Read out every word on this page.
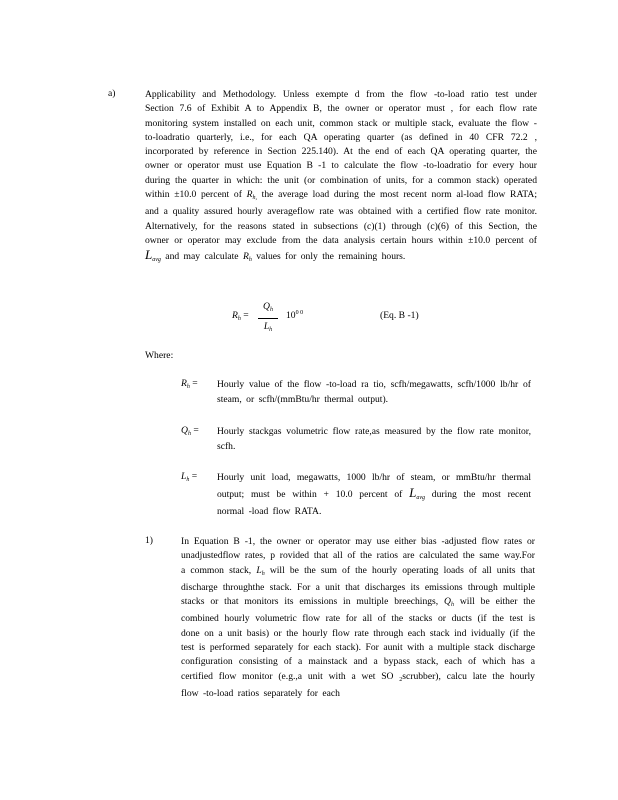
a)	Applicability and Methodology. Unless exempte d from the flow -to-load ratio test under Section 7.6 of Exhibit A to Appendix B, the owner or operator must , for each flow rate monitoring system installed on each unit, common stack or multiple stack, evaluate the flow -to-loadratio quarterly, i.e., for each QA operating quarter (as defined in 40 CFR 72.2 , incorporated by reference in Section 225.140). At the end of each QA operating quarter, the owner or operator must use Equation B -1 to calculate the flow -to-loadratio for every hour during the quarter in which: the unit (or combination of units, for a common stack) operated within ±10.0 percent of $R_{h,}$ the average load during the most recent norm al-load flow RATA; and a quality assured hourly averageflow rate was obtained with a certified flow rate monitor. Alternatively, for the reasons stated in subsections (c)(1) through (c)(6) of this Section, the owner or operator may exclude from the data analysis certain hours within ±10.0 percent of $L_{avg}$ and may calculate $R_h$ values for only the remaining hours.
$R_h$ =
$Q_h$
$L_h$
$10^{0 0}$	(Eq. B -1)
Where:
$R_h$ =	Hourly value of the flow -to-load ra tio, scfh/megawatts, scfh/1000 lb/hr of steam, or scfh/(mmBtu/hr thermal output).
$Q_h$ =	Hourly stackgas volumetric flow rate,as measured by the flow rate monitor, scfh.
$L_h$ =	Hourly unit load, megawatts, 1000 lb/hr of steam, or mmBtu/hr thermal output; must be within + 10.0 percent of $L_{avg}$ during the most recent normal -load flow RATA.
1)	In Equation B -1, the owner or operator may use either bias -adjusted flow rates or unadjustedflow rates, p rovided that all of the ratios are calculated the same way.For a common stack, $L_h$ will be the sum of the hourly operating loads of all units that discharge throughthe stack. For a unit that discharges its emissions through multiple stacks or that monitors its emissions in multiple breechings, $Q_h$ will be either the combined hourly volumetric flow rate for all of the stacks or ducts (if the test is done on a unit basis) or the hourly flow rate through each stack ind ividually (if the test is performed separately for each stack). For aunit with a multiple stack discharge configuration consisting of a mainstack and a bypass stack, each of which has a certified flow monitor (e.g.,a unit with a wet SO $_2$scrubber), calcu late the hourly flow -to-load ratios separately for each
